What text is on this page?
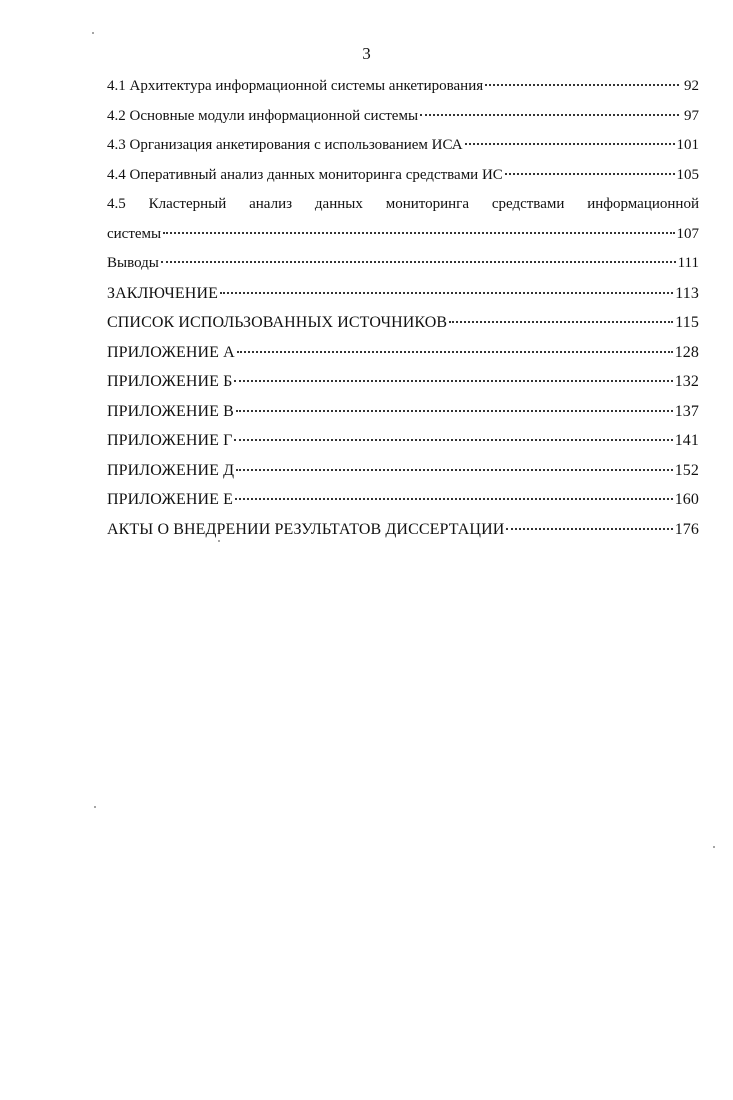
3
4.1 Архитектура информационной системы анкетирования	92
4.2 Основные модули информационной системы	97
4.3 Организация анкетирования с использованием ИСА	101
4.4 Оперативный анализ данных мониторинга средствами ИС	105
4.5 Кластерный анализ данных мониторинга средствами информационной
системы	107
Выводы	111
ЗАКЛЮЧЕНИЕ	113
СПИСОК ИСПОЛЬЗОВАННЫХ ИСТОЧНИКОВ	115
ПРИЛОЖЕНИЕ А	128
ПРИЛОЖЕНИЕ Б	132
ПРИЛОЖЕНИЕ В	137
ПРИЛОЖЕНИЕ Г	141
ПРИЛОЖЕНИЕ Д	152
ПРИЛОЖЕНИЕ Е	160
АКТЫ О ВНЕДРЕНИИ РЕЗУЛЬТАТОВ ДИССЕРТАЦИИ	176
